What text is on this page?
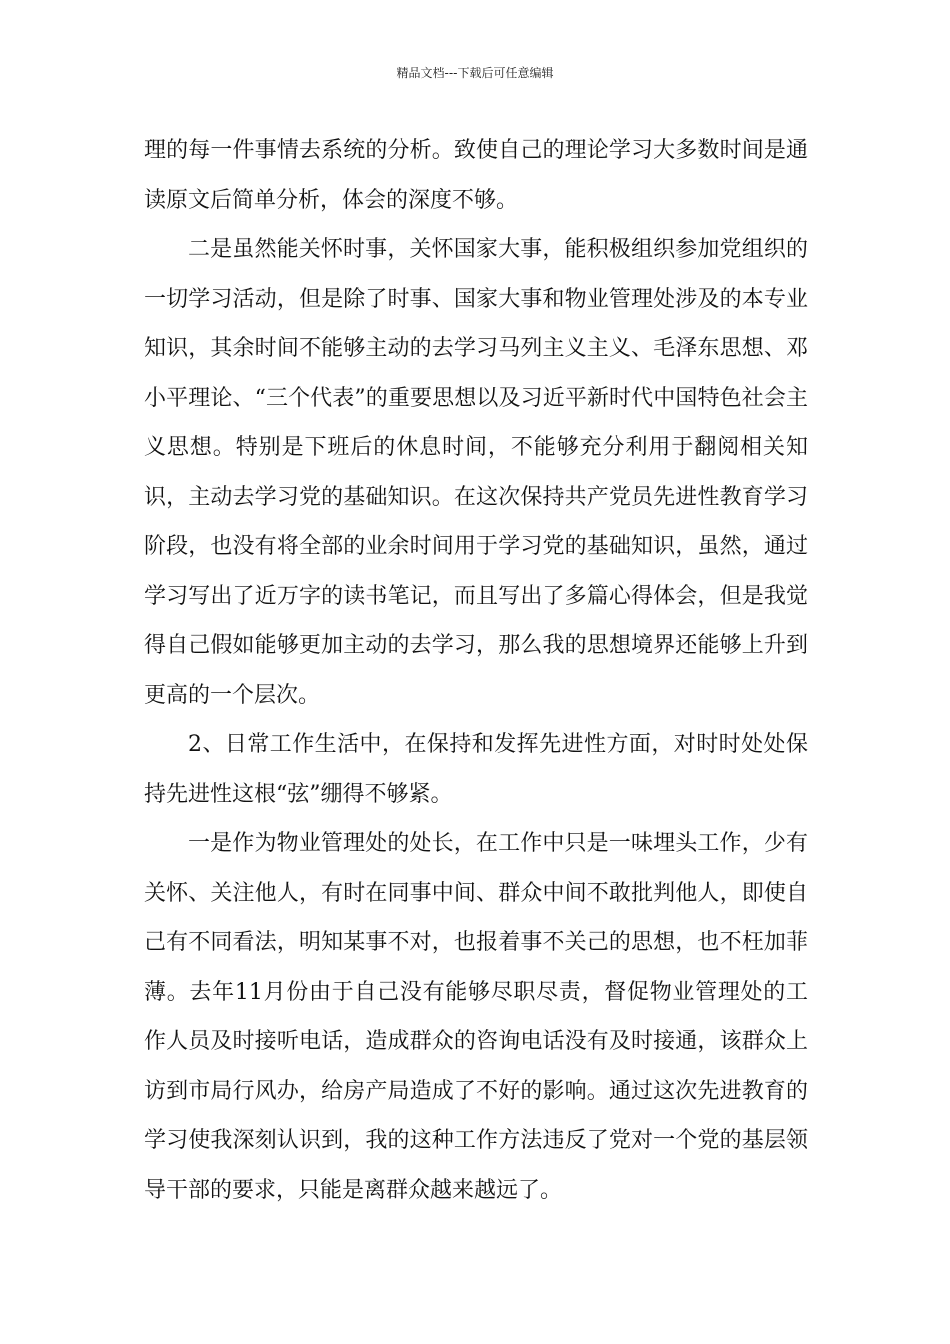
精品文档---下载后可任意编辑

理的每一件事情去系统的分析。致使自己的理论学习大多数时间是通读原文后简单分析，体会的深度不够。

二是虽然能关怀时事，关怀国家大事，能积极组织参加党组织的一切学习活动，但是除了时事、国家大事和物业管理处涉及的本专业知识，其余时间不能够主动的去学习马列主义主义、毛泽东思想、邓小平理论、“三个代表”的重要思想以及习近平新时代中国特色社会主义思想。特别是下班后的休息时间，不能够充分利用于翻阅相关知识，主动去学习党的基础知识。在这次保持共产党员先进性教育学习阶段，也没有将全部的业余时间用于学习党的基础知识，虽然，通过学习写出了近万字的读书笔记，而且写出了多篇心得体会，但是我觉得自己假如能够更加主动的去学习，那么我的思想境界还能够上升到更高的一个层次。

2、日常工作生活中，在保持和发挥先进性方面，对时时处处保持先进性这根“弦”绷得不够紧。

一是作为物业管理处的处长，在工作中只是一味埋头工作，少有关怀、关注他人，有时在同事中间、群众中间不敢批判他人，即使自己有不同看法，明知某事不对，也报着事不关己的思想，也不枉加菲薄。去年11月份由于自己没有能够尽职尽责，督促物业管理处的工作人员及时接听电话，造成群众的咨询电话没有及时接通，该群众上访到市局行风办，给房产局造成了不好的影响。通过这次先进教育的学习使我深刻认识到，我的这种工作方法违反了党对一个党的基层领导干部的要求，只能是离群众越来越远了。
